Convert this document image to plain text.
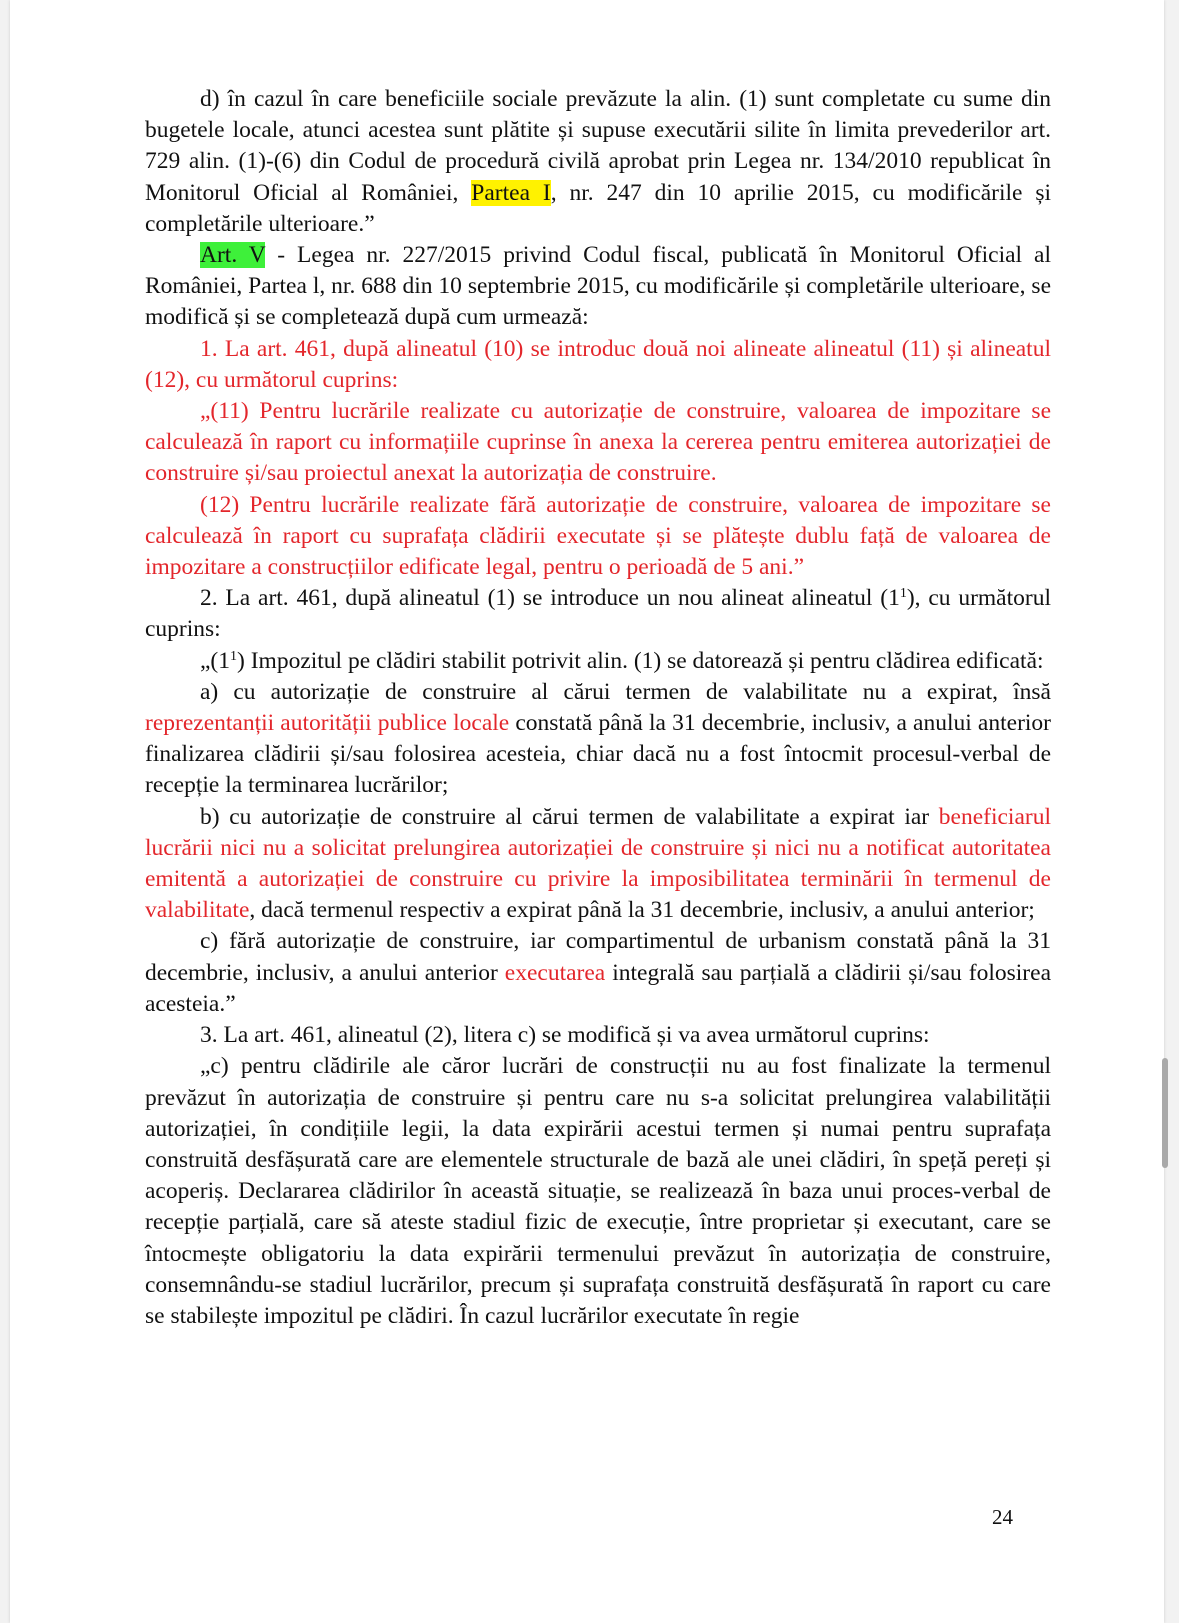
d) în cazul în care beneficiile sociale prevăzute la alin. (1) sunt completate cu sume din bugetele locale, atunci acestea sunt plătite și supuse executării silite în limita prevederilor art. 729 alin. (1)-(6) din Codul de procedură civilă aprobat prin Legea nr. 134/2010 republicat în Monitorul Oficial al României, Partea I, nr. 247 din 10 aprilie 2015, cu modificările și completările ulterioare.”

Art. V - Legea nr. 227/2015 privind Codul fiscal, publicată în Monitorul Oficial al României, Partea l, nr. 688 din 10 septembrie 2015, cu modificările și completările ulterioare, se modifică și se completează după cum urmează:

1. La art. 461, după alineatul (10) se introduc două noi alineate alineatul (11) și alineatul (12), cu următorul cuprins:

„(11) Pentru lucrările realizate cu autorizație de construire, valoarea de impozitare se calculează în raport cu informațiile cuprinse în anexa la cererea pentru emiterea autorizației de construire și/sau proiectul anexat la autorizația de construire.

(12) Pentru lucrările realizate fără autorizație de construire, valoarea de impozitare se calculează în raport cu suprafața clădirii executate și se plătește dublu față de valoarea de impozitare a construcțiilor edificate legal, pentru o perioadă de 5 ani.”

2. La art. 461, după alineatul (1) se introduce un nou alineat alineatul $(1^1)$, cu următorul cuprins:

$„(1^1)$ Impozitul pe clădiri stabilit potrivit alin. (1) se datorează și pentru clădirea edificată:

a) cu autorizație de construire al cărui termen de valabilitate nu a expirat, însă reprezentanții autorității publice locale constată până la 31 decembrie, inclusiv, a anului anterior finalizarea clădirii și/sau folosirea acesteia, chiar dacă nu a fost întocmit procesul-verbal de recepție la terminarea lucrărilor;

b) cu autorizație de construire al cărui termen de valabilitate a expirat iar beneficiarul lucrării nici nu a solicitat prelungirea autorizației de construire și nici nu a notificat autoritatea emitentă a autorizației de construire cu privire la imposibilitatea terminării în termenul de valabilitate, dacă termenul respectiv a expirat până la 31 decembrie, inclusiv, a anului anterior;

c) fără autorizație de construire, iar compartimentul de urbanism constată până la 31 decembrie, inclusiv, a anului anterior executarea integrală sau parțială a clădirii și/sau folosirea acesteia.”

3. La art. 461, alineatul (2), litera c) se modifică și va avea următorul cuprins:

„c) pentru clădirile ale căror lucrări de construcții nu au fost finalizate la termenul prevăzut în autorizația de construire și pentru care nu s-a solicitat prelungirea valabilității autorizației, în condițiile legii, la data expirării acestui termen și numai pentru suprafața construită desfășurată care are elementele structurale de bază ale unei clădiri, în speță pereți și acoperiș. Declararea clădirilor în această situație, se realizează în baza unui proces-verbal de recepție parțială, care să ateste stadiul fizic de execuție, între proprietar și executant, care se întocmește obligatoriu la data expirării termenului prevăzut în autorizația de construire, consemnându-se stadiul lucrărilor, precum și suprafața construită desfășurată în raport cu care se stabilește impozitul pe clădiri. În cazul lucrărilor executate în regie

24
